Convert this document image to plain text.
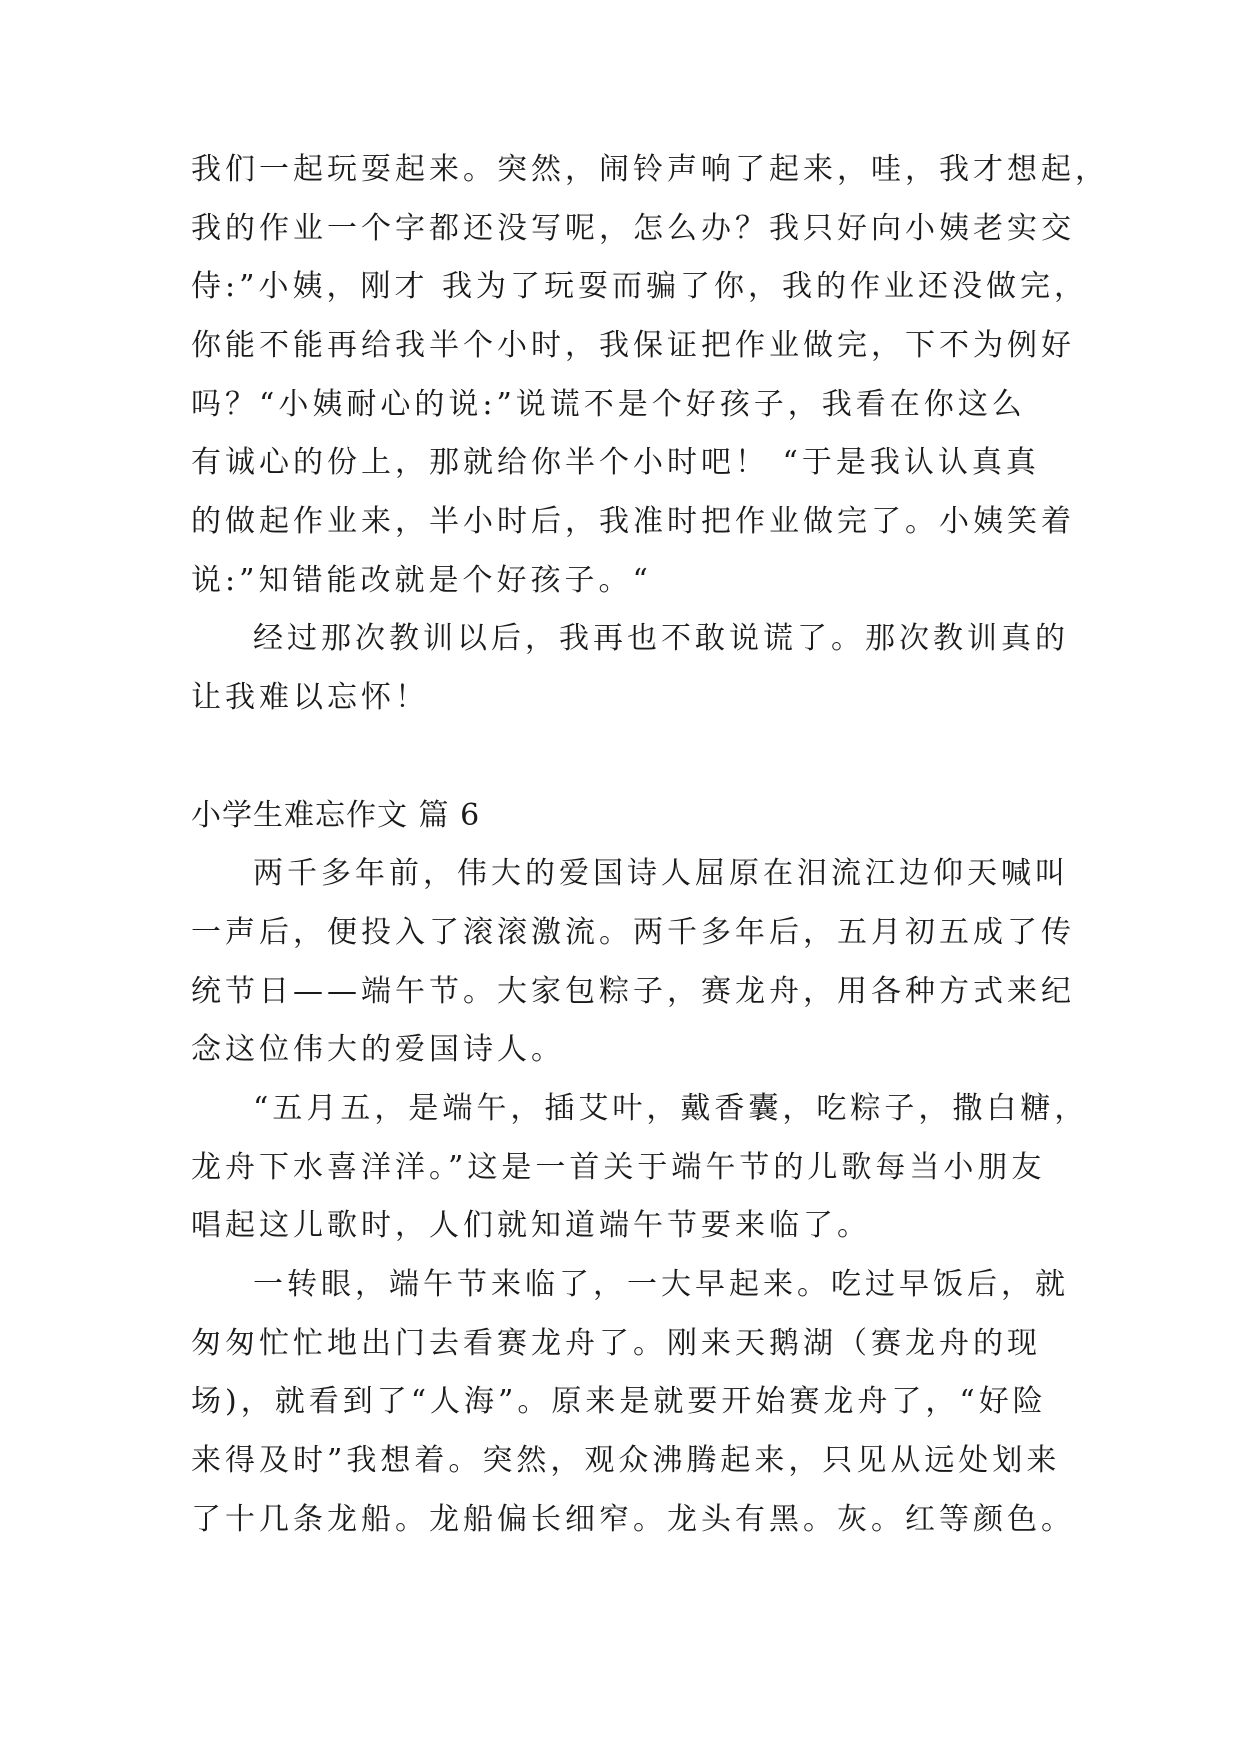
我们一起玩耍起来。突然，闹铃声响了起来，哇，我才想起，
我的作业一个字都还没写呢，怎么办？我只好向小姨老实交
侍:”小姨，刚才 我为了玩耍而骗了你，我的作业还没做完，
你能不能再给我半个小时，我保证把作业做完，下不为例好
吗？“小姨耐心的说:”说谎不是个好孩子，我看在你这么
有诚心的份上，那就给你半个小时吧！ “于是我认认真真
的做起作业来，半小时后，我准时把作业做完了。小姨笑着
说:”知错能改就是个好孩子。“
经过那次教训以后，我再也不敢说谎了。那次教训真的
让我难以忘怀！
小学生难忘作文 篇 6
两千多年前，伟大的爱国诗人屈原在汨流江边仰天喊叫
一声后，便投入了滚滚激流。两千多年后，五月初五成了传
统节日——端午节。大家包粽子，赛龙舟，用各种方式来纪
念这位伟大的爱国诗人。
“五月五，是端午，插艾叶，戴香囊，吃粽子，撒白糖，
龙舟下水喜洋洋。”这是一首关于端午节的儿歌每当小朋友
唱起这儿歌时，人们就知道端午节要来临了。
一转眼，端午节来临了，一大早起来。吃过早饭后，就
匆匆忙忙地出门去看赛龙舟了。刚来天鹅湖（赛龙舟的现
场)，就看到了“人海”。原来是就要开始赛龙舟了，“好险
来得及时”我想着。突然，观众沸腾起来，只见从远处划来
了十几条龙船。龙船偏长细窄。龙头有黑。灰。红等颜色。
